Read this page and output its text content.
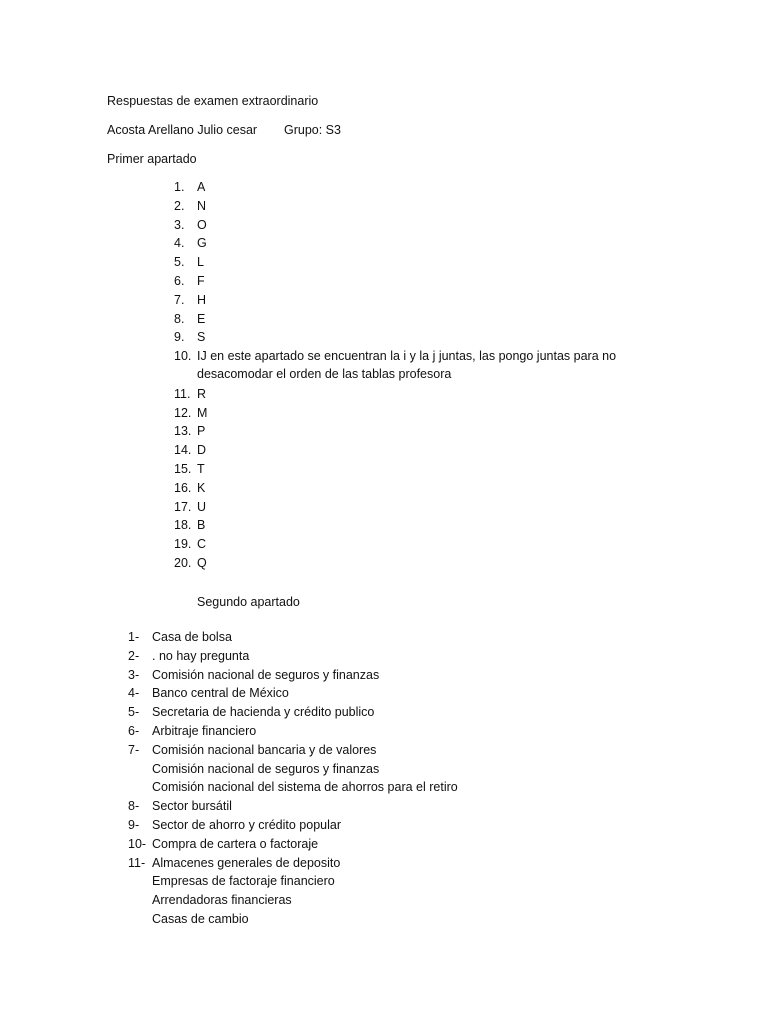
Respuestas de examen extraordinario
Acosta Arellano Julio cesar Grupo: S3
Primer apartado
1.	A
2.	N
3.	O
4.	G
5.	L
6.	F
7.	H
8.	E
9.	S
10. IJ en este apartado se encuentran la i y la j juntas, las pongo juntas para no desacomodar el orden de las tablas profesora
11. R
12. M
13. P
14. D
15. T
16. K
17. U
18. B
19. C
20. Q
Segundo apartado
1-	Casa de bolsa
2-	. no hay pregunta
3-	Comisión nacional de seguros y finanzas
4-	Banco central de México
5-	Secretaria de hacienda y crédito publico
6-	Arbitraje financiero
7-	Comisión nacional bancaria y de valores
Comisión nacional de seguros y finanzas
Comisión nacional del sistema de ahorros para el retiro
8-	Sector bursátil
9-	Sector de ahorro y crédito popular
10- Compra de cartera o factoraje
11- Almacenes generales de deposito
Empresas de factoraje financiero
Arrendadoras financieras
Casas de cambio
